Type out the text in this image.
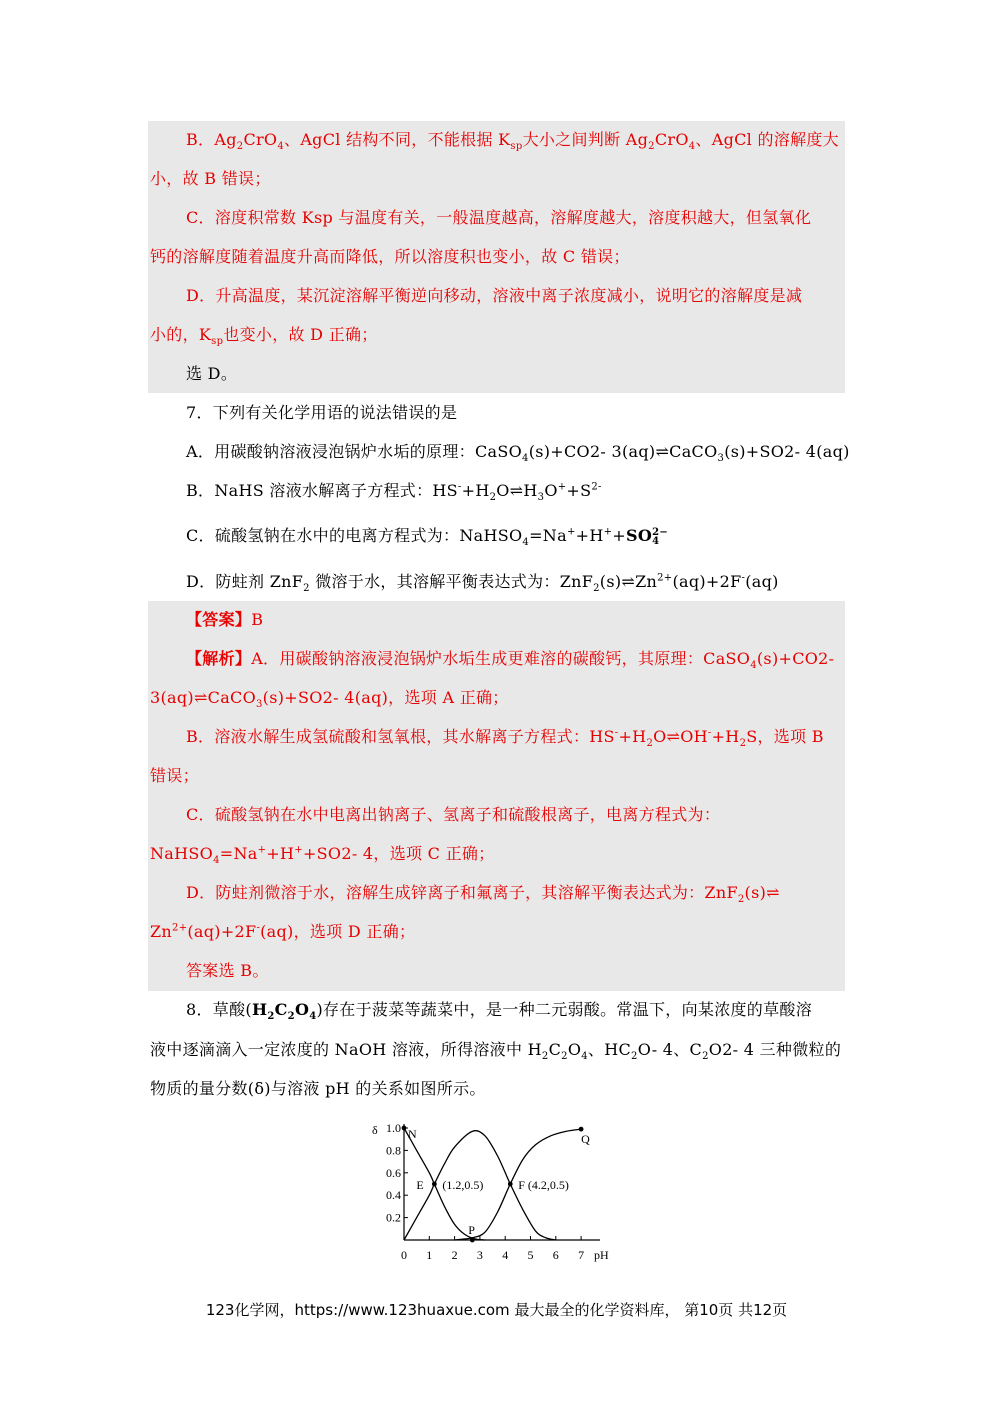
B．$Ag_2CrO_4$、AgCl 结构不同，不能根据 $K_{sp}$大小之间判断 $Ag_2CrO_4$、AgCl 的溶解度大
小，故 B 错误；
C．溶度积常数 Ksp 与温度有关，一般温度越高，溶解度越大，溶度积越大，但氢氧化
钙的溶解度随着温度升高而降低，所以溶度积也变小，故 C 错误；
D．升高温度，某沉淀溶解平衡逆向移动，溶液中离子浓度减小，说明它的溶解度是减
小的，$K_{sp}$也变小，故 D 正确；
选 D。
7．下列有关化学用语的说法错误的是
A．用碳酸钠溶液浸泡锅炉水垢的原理：CaSO$_4$(s)+CO2- 3(aq)⇌CaCO$_3$(s)+SO2- 4(aq)
B．NaHS 溶液水解离子方程式：$HS^-+H_2O\rightleftharpoons H_3O^++S^{2-}$
C．硫酸氢钠在水中的电离方程式为：NaHSO$_4$=Na++H++SO 2−
4
D．防蛀剂 ZnF$_2$ 微溶于水，其溶解平衡表达式为：$ZnF_2(s)\rightleftharpoons Zn^{2+}(aq)+2F^-(aq)$
【答案】B
【解析】A．用碳酸钠溶液浸泡锅炉水垢生成更难溶的碳酸钙，其原理：CaSO$_4$(s)+CO2-
3(aq)⇌CaCO$_3$(s)+SO2- 4(aq)，选项 A 正确；
B．溶液水解生成氢硫酸和氢氧根，其水解离子方程式：$HS^-+H_2O\rightleftharpoons OH^-+H_2S$，选项 B
错误；
C．硫酸氢钠在水中电离出钠离子、氢离子和硫酸根离子，电离方程式为：
NaHSO$_4$=Na++H++SO2- 4，选项 C 正确；
D．防蛀剂微溶于水，溶解生成锌离子和氟离子，其溶解平衡表达式为：ZnF$_2$(s)⇌
$Zn^{2+}(aq)+2F^-(aq)$，选项 D 正确；
答案选 B。
8．草酸$(H_2C_2O_4)$存在于菠菜等蔬菜中，是一种二元弱酸。常温下，向某浓度的草酸溶
液中逐滴滴入一定浓度的 NaOH 溶液，所得溶液中 $H_2C_2O_4$、$HC_2O-$ 4、$C_2O2-$ 4 三种微粒的
物质的量分数(δ)与溶液 pH 的关系如图所示。
δ
pH
0.2
0.4
0.6
0.8
1.0
0 1 2 3 4 5 6 7
N
(1.2,0.5)
E
P
F (4.2,0.5)
Q
123化学网，https://www.123huaxue.com 最大最全的化学资料库， 第10页 共12页
